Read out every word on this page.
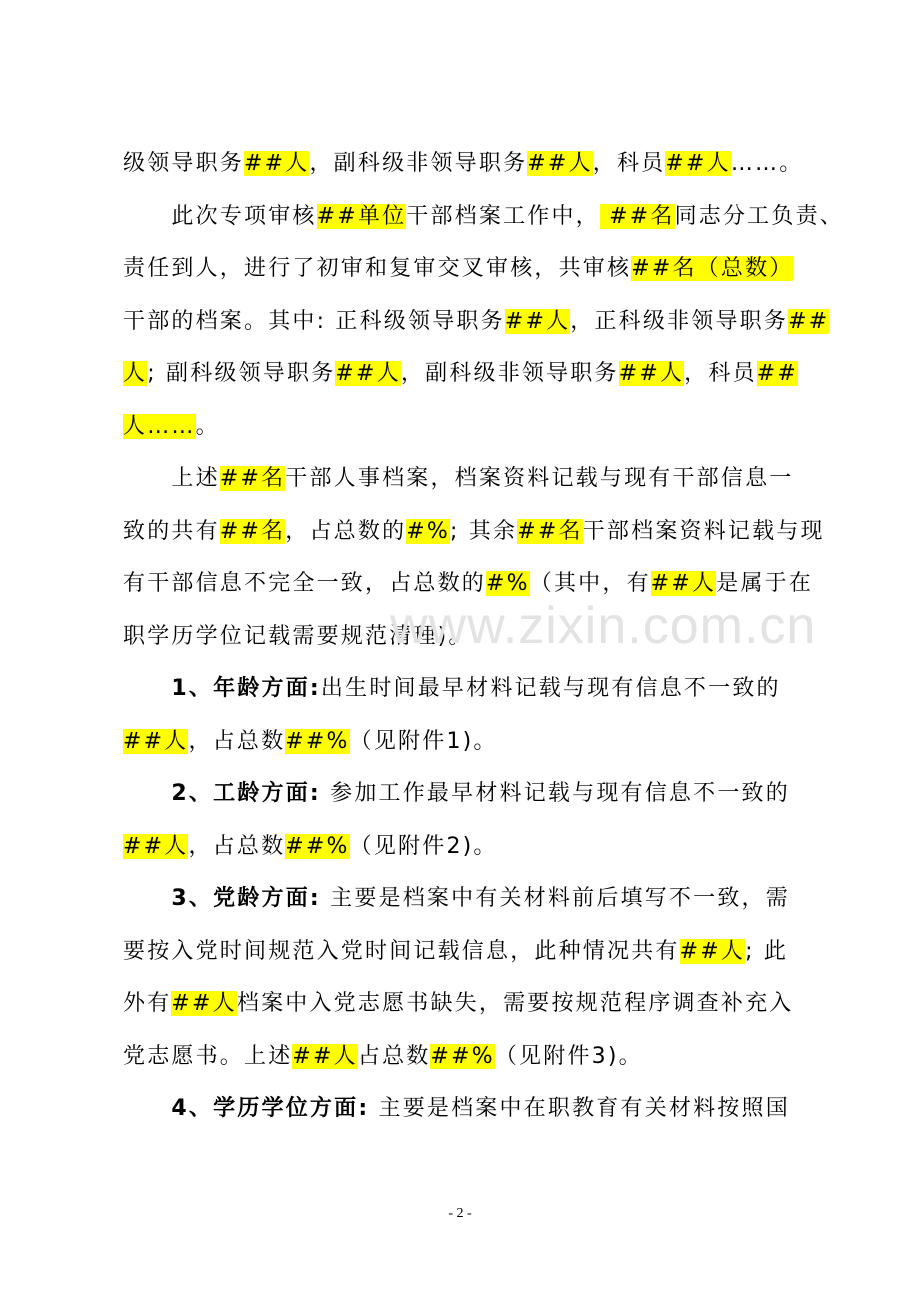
级领导职务##人，副科级非领导职务##人，科员##人……。
　　此次专项审核##单位干部档案工作中， ##名同志分工负责、
责任到人，进行了初审和复审交叉审核，共审核##名（总数）
干部的档案。其中: 正科级领导职务##人，正科级非领导职务##
人; 副科级领导职务##人，副科级非领导职务##人，科员##
人……。
　　上述##名干部人事档案，档案资料记载与现有干部信息一
致的共有##名，占总数的#%; 其余##名干部档案资料记载与现
有干部信息不完全一致，占总数的#%（其中，有##人是属于在
职学历学位记载需要规范清理)。
　　1、年龄方面:出生时间最早材料记载与现有信息不一致的
##人，占总数##%（见附件1)。
　　2、工龄方面: 参加工作最早材料记载与现有信息不一致的
##人，占总数##%（见附件2)。
　　3、党龄方面: 主要是档案中有关材料前后填写不一致，需
要按入党时间规范入党时间记载信息，此种情况共有##人; 此
外有##人档案中入党志愿书缺失，需要按规范程序调查补充入
党志愿书。上述##人占总数##%（见附件3)。
　　4、学历学位方面: 主要是档案中在职教育有关材料按照国
www.zixin.com.cn
- 2 -
